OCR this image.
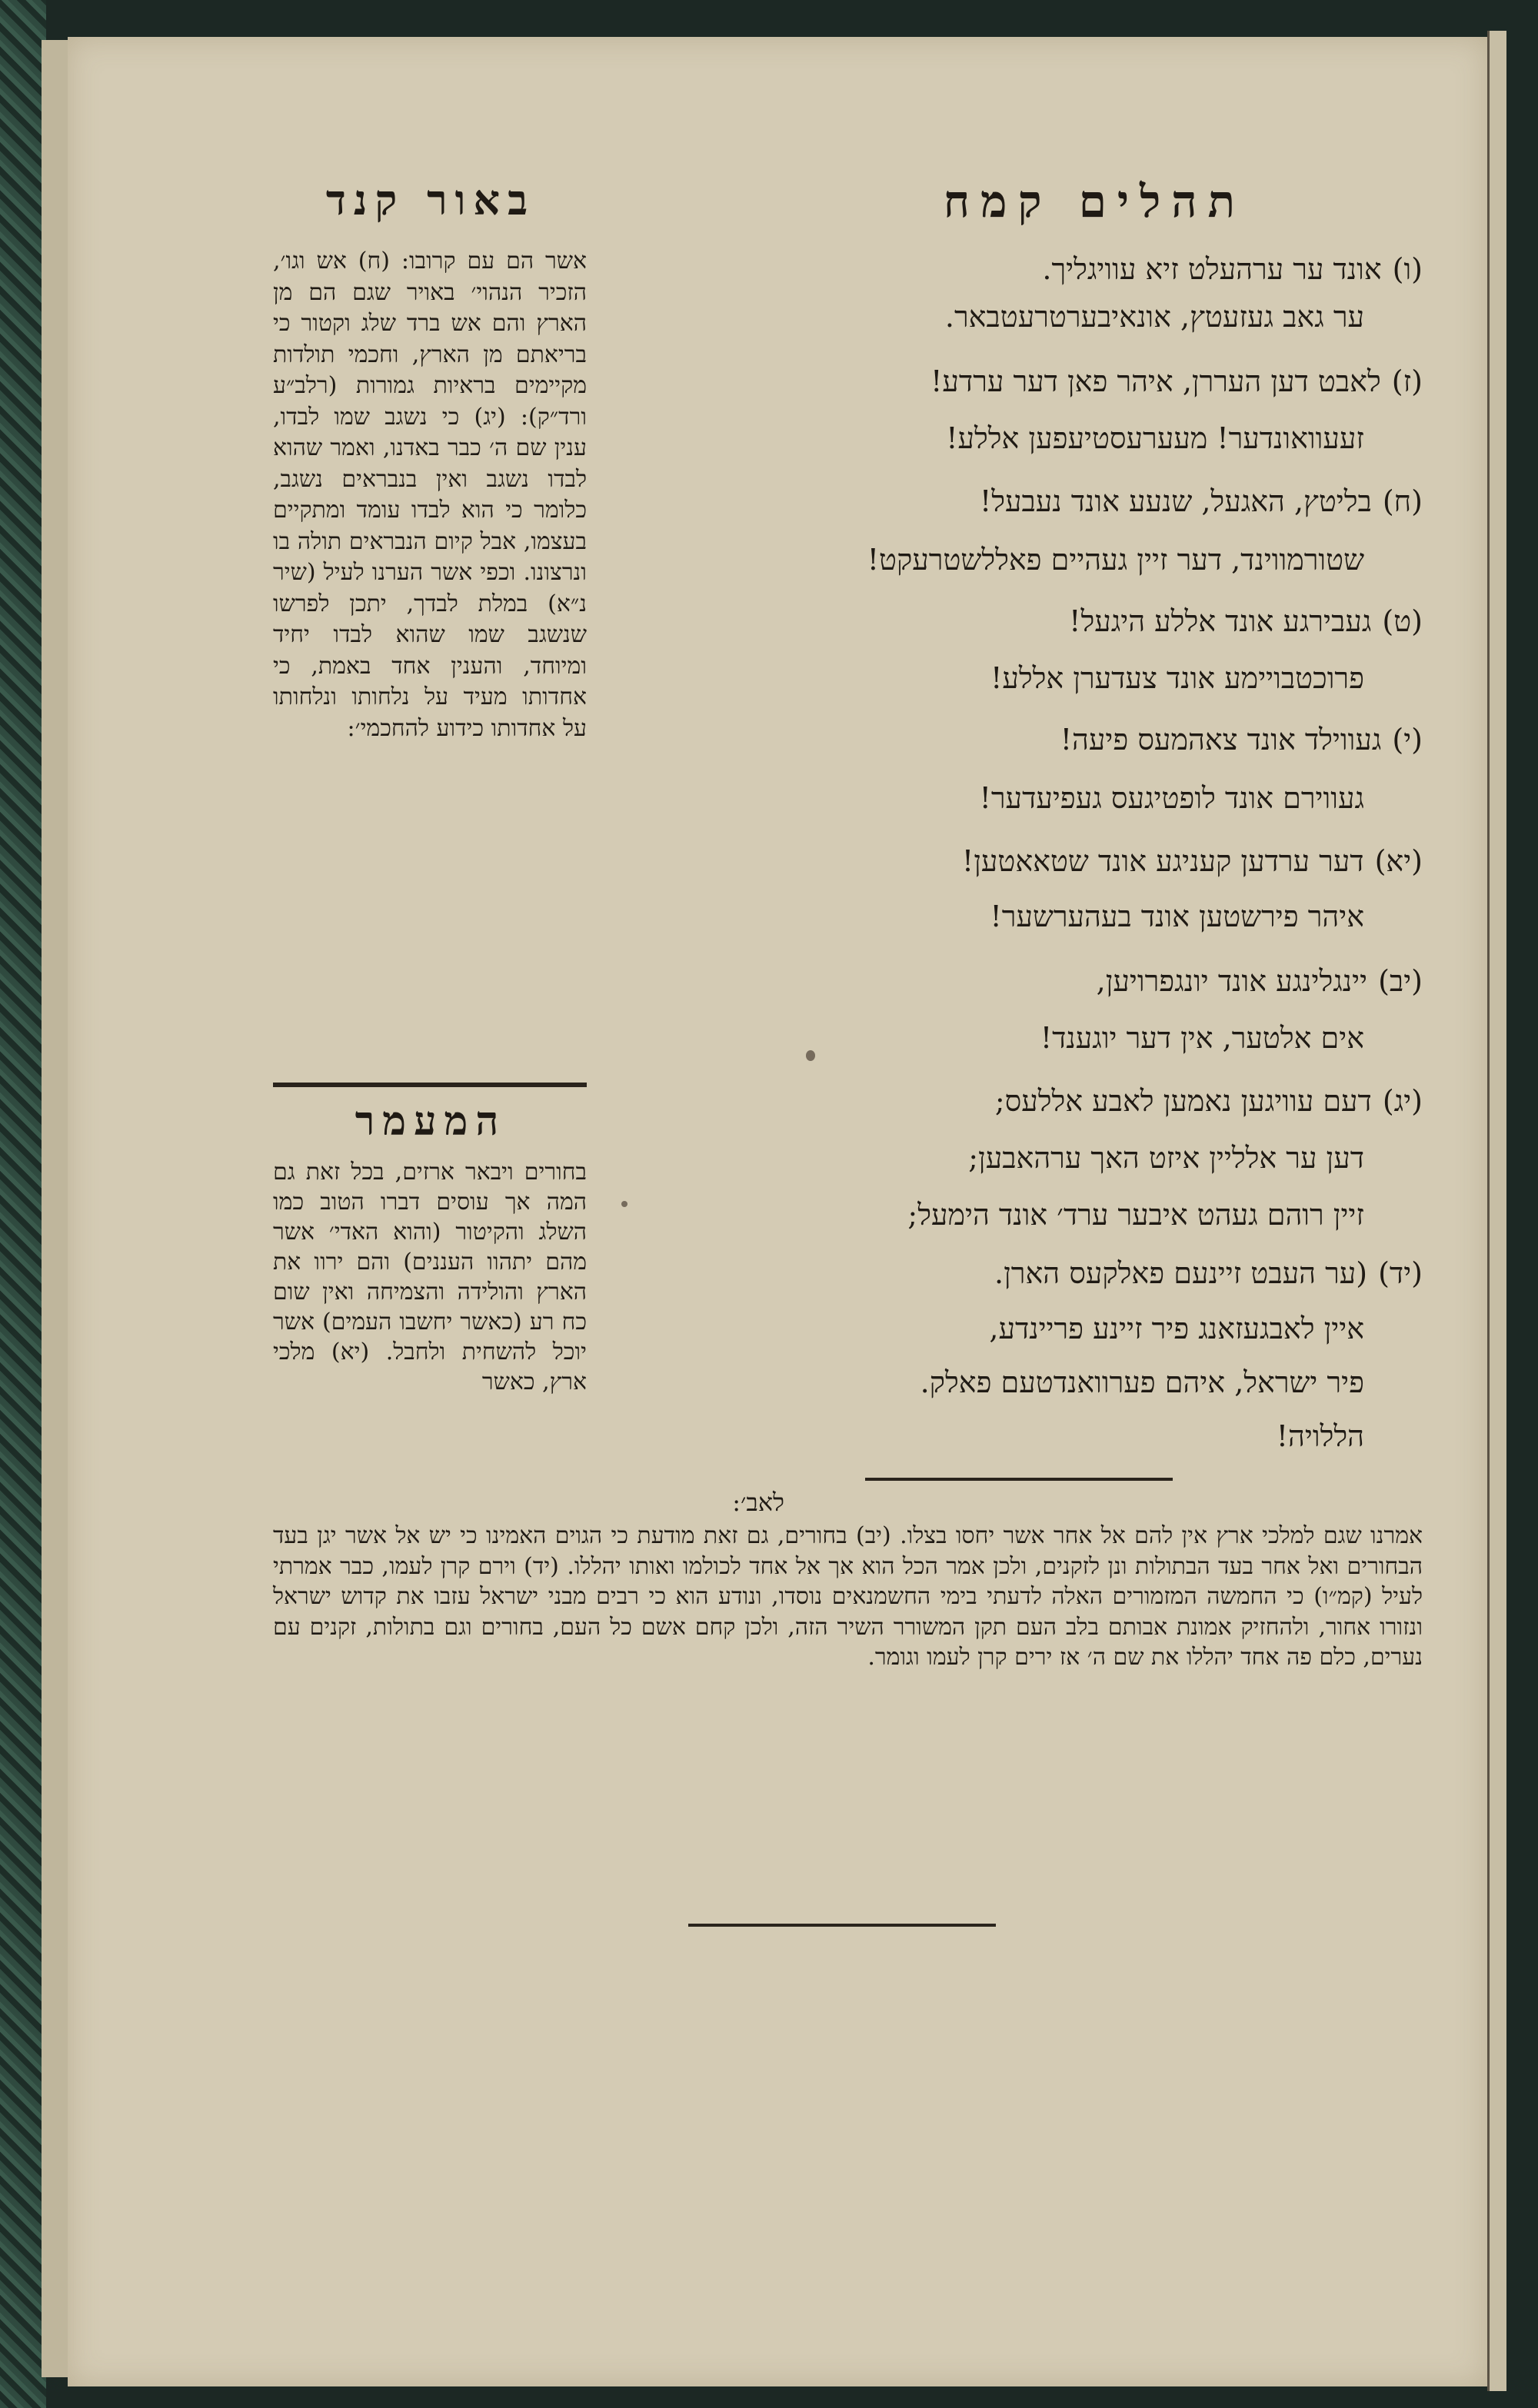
תהלים קמח
באור קנד
(ו)אונד ער ערהעלט זיא עוויגליך.
ער גאב געזעטץ, אונאיבערטרעטבאר.
(ז)לאבט דען העררן, איהר פאן דער ערדע!
זעעוואונדער! מעערעסטיעפען אללע!
(ח)בליטץ, האגעל, שנעע אונד נעבעל!
שטורמווינד, דער זיין געהיים פאללשטרעקט!
(ט)געבירגע אונד אללע היגעל!
פרוכטבויימע אונד צעדערן אללע!
(י)געווילד אונד צאהמעס פיעה!
געווירם אונד לופטיגעס געפיעדער!
(יא)דער ערדען קעניגע אונד שטאאטען!
איהר פירשטען אונד בעהערשער!
(יב)יינגלינגע אונד יונגפרויען,
אים אלטער, אין דער יוגענד!
(יג)דעם עוויגען נאמען לאבע אללעס;
דען ער אלליין איזט האך ערהאבען;
זיין רוהם געהט איבער ערד׳ אונד הימעל;
(יד)(ער העבט זיינעם פאלקעס הארן.
איין לאבגעזאנג פיר זיינע פריינדע,
פיר ישראל, איהם פערוואנדטעם פאלק.
הללויה!
אשר הם עם קרובו: (ח) אש וגו׳, הזכיר הנהוי׳ באויר שגם הם מן הארץ והם אש ברד שלג וקטור כי בריאתם מן הארץ, וחכמי תולדות מקיימים בראיות גמורות (רלב״ע ורד״ק): (יג) כי נשגב שמו לבדו, ענין שם ה׳ כבר באדנו, ואמר שהוא לבדו נשגב ואין בנבראים נשגב, כלומר כי הוא לבדו עומד ומתקיים בעצמו, אבל קיום הנבראים תולה בו ונרצונו. וכפי אשר הערנו לעיל (שיר נ״א) במלת לבדך, יתכן לפרשו שנשגב שמו שהוא לבדו יחיד ומיוחד, והענין אחד באמת, כי אחדותו מעיד על נלחותו ונלחותו על אחדותו כידוע להחכמי׳:
המעמר
בחורים ויבאר ארזים, בכל זאת גם המה אך עוסים דברו הטוב כמו השלג והקיטור (והוא האדי׳ אשר מהם יתהוו העננים) והם ירוו את הארץ והולידה והצמיחה ואין שום כח רע (כאשר יחשבו העמים) אשר יוכל להשחית ולחבל. (יא) מלכי ארץ, כאשר
לאב׳:
אמרנו שגם למלכי ארץ אין להם אל אחר אשר יחסו בצלו. (יב) בחורים, גם זאת מודעת כי הגוים האמינו כי יש אל אשר יגן בעד הבחורים ואל אחר בעד הבתולות ונן לזקנים, ולכן אמר הכל הוא אך אל אחד לכולמו ואותו יהללו. (יד) וירם קרן לעמו, כבר אמרתי לעיל (קמ״ו) כי החמשה המזמורים האלה לדעתי בימי החשמנאים נוסדו, ונודע הוא כי רבים מבני ישראל עזבו את קדוש ישראל ונזורו אחור, ולהחזיק אמונת אבותם בלב העם תקן המשורר השיר הזה, ולכן קחם אשם כל העם, בחורים וגם בתולות, זקנים עם נערים, כלם פה אחד יהללו את שם ה׳ אז ירים קרן לעמו וגומר.
